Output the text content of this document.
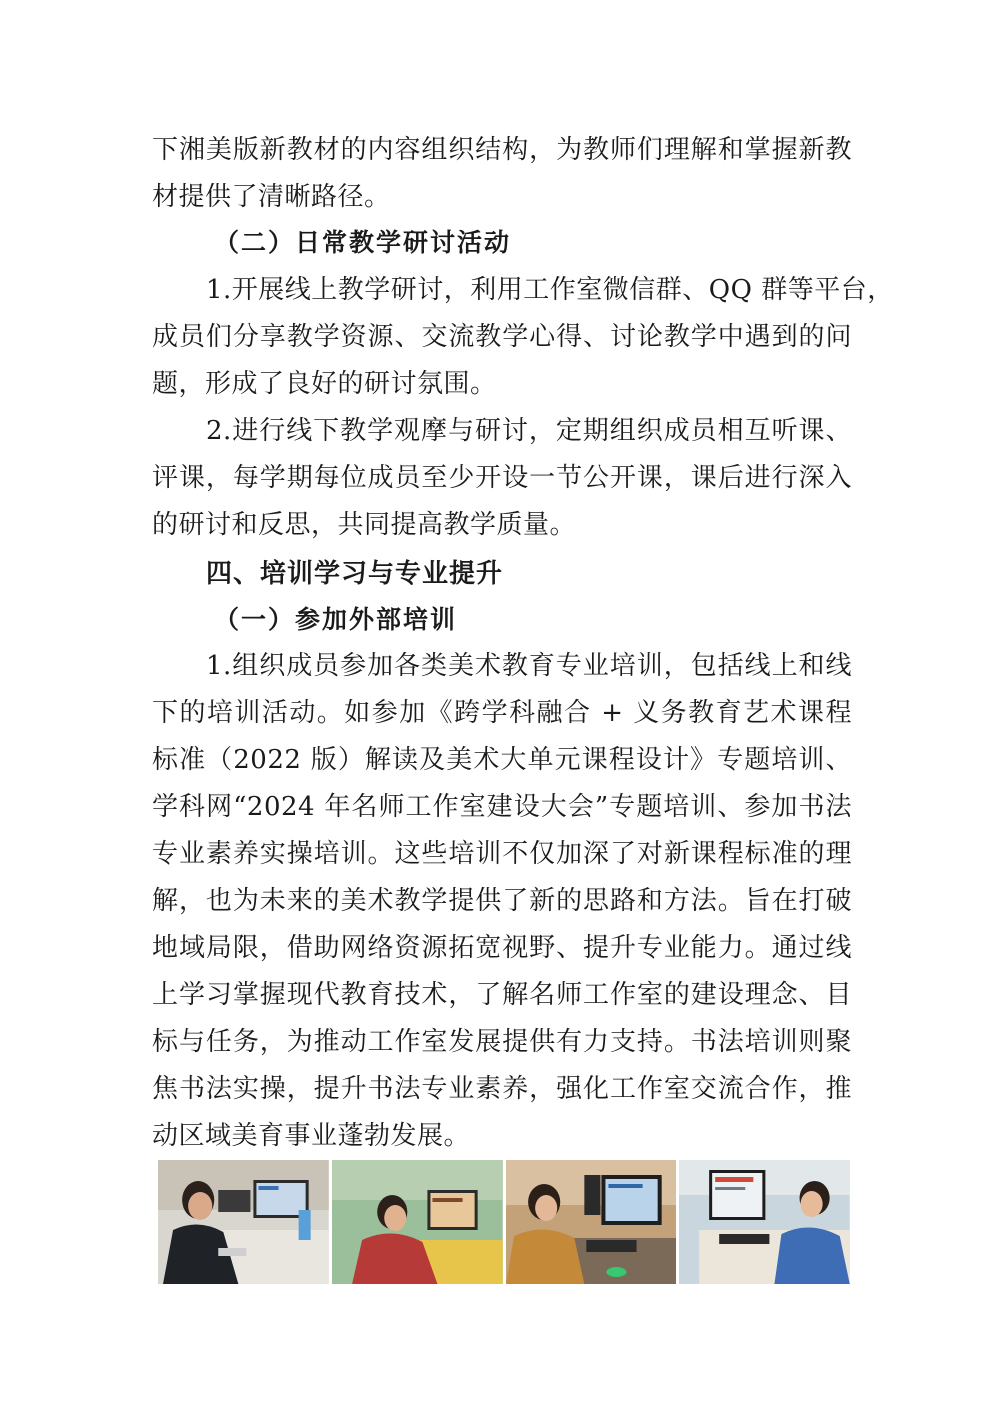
下湘美版新教材的内容组织结构，为教师们理解和掌握新教
材提供了清晰路径。
（二）日常教学研讨活动
1.开展线上教学研讨，利用工作室微信群、QQ 群等平台，
成员们分享教学资源、交流教学心得、讨论教学中遇到的问
题，形成了良好的研讨氛围。
2.进行线下教学观摩与研讨，定期组织成员相互听课、
评课，每学期每位成员至少开设一节公开课，课后进行深入
的研讨和反思，共同提高教学质量。
四、培训学习与专业提升
（一）参加外部培训
1.组织成员参加各类美术教育专业培训，包括线上和线
下的培训活动。如参加《跨学科融合 + 义务教育艺术课程
标准（2022 版）解读及美术大单元课程设计》专题培训、
学科网“2024 年名师工作室建设大会”专题培训、参加书法
专业素养实操培训。这些培训不仅加深了对新课程标准的理
解，也为未来的美术教学提供了新的思路和方法。旨在打破
地域局限，借助网络资源拓宽视野、提升专业能力。通过线
上学习掌握现代教育技术，了解名师工作室的建设理念、目
标与任务，为推动工作室发展提供有力支持。书法培训则聚
焦书法实操，提升书法专业素养，强化工作室交流合作，推
动区域美育事业蓬勃发展。
